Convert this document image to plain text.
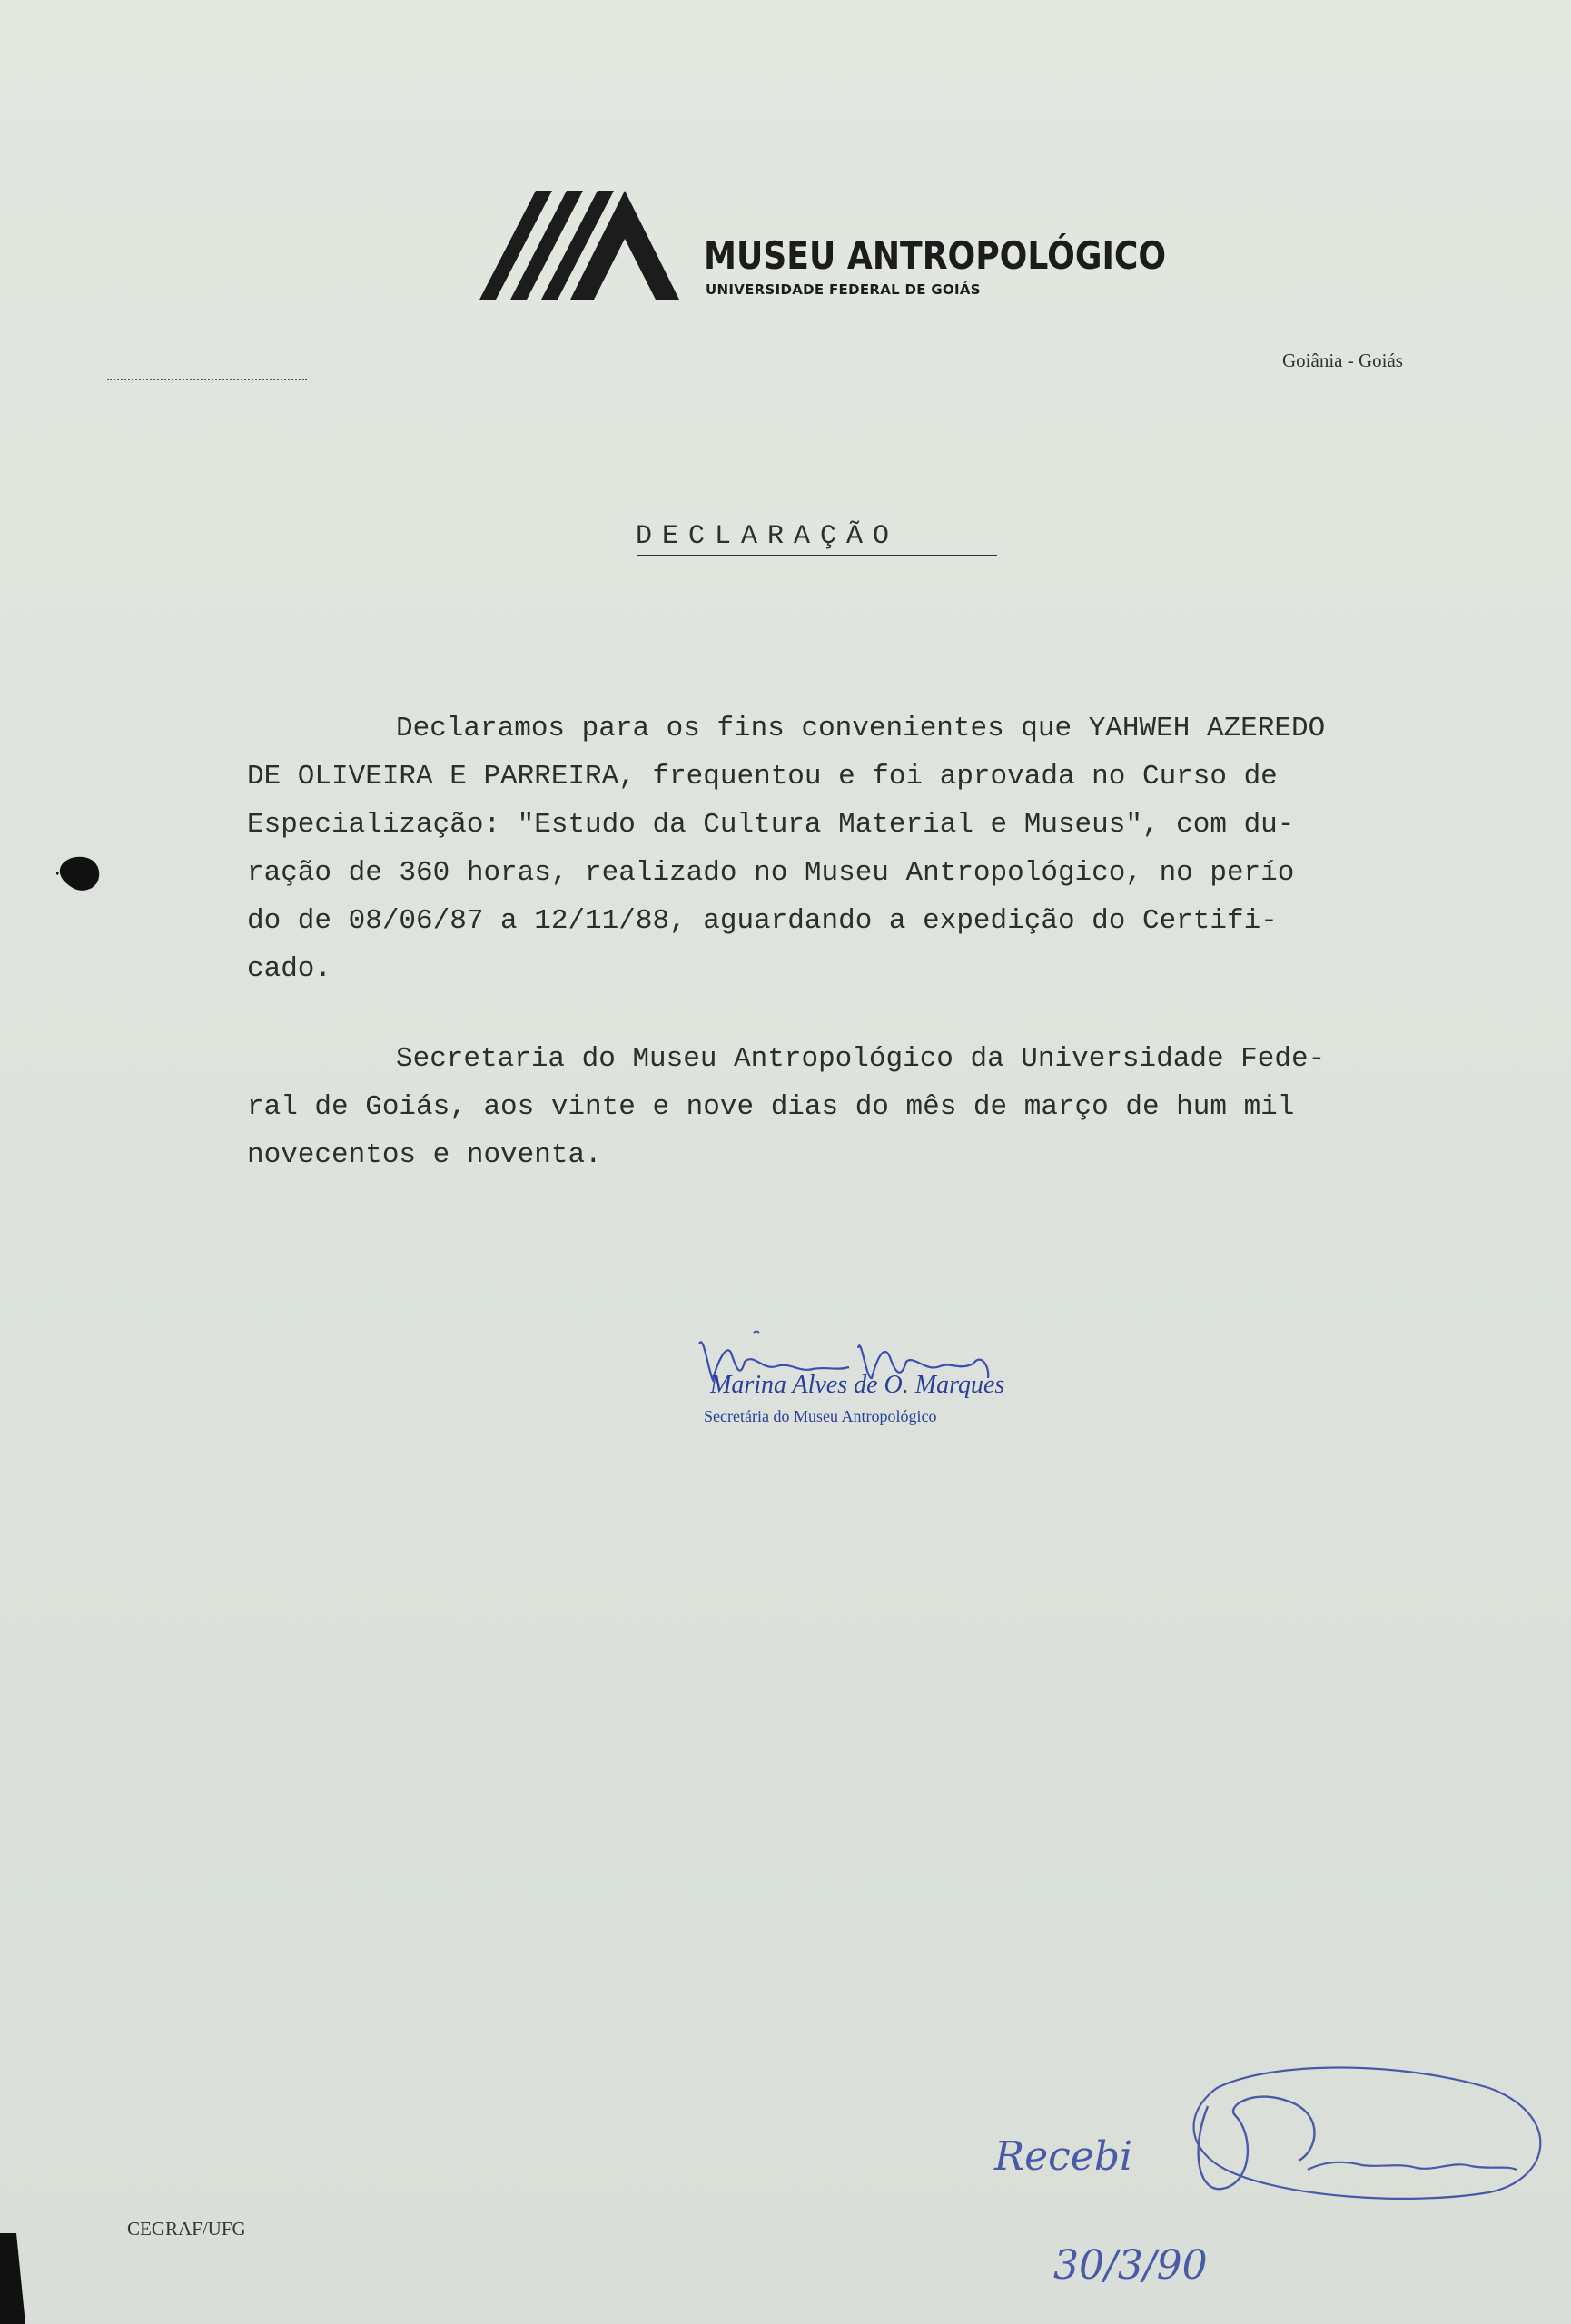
MUSEU ANTROPOLÓGICO
UNIVERSIDADE FEDERAL DE GOIÁS
Goiânia - Goiás
DECLARAÇÃO
Declaramos para os fins convenientes que YAHWEH AZEREDO
DE OLIVEIRA E PARREIRA, frequentou e foi aprovada no Curso de
Especialização: "Estudo da Cultura Material e Museus", com du-
ração de 360 horas, realizado no Museu Antropológico, no perío
do de 08/06/87 a 12/11/88, aguardando a expedição do Certifi-
cado.
Secretaria do Museu Antropológico da Universidade Fede-
ral de Goiás, aos vinte e nove dias do mês de março de hum mil
novecentos e noventa.
Marina Alves de O. Marques
Secretária do Museu Antropológico
Recebi
30/3/90
CEGRAF/UFG
